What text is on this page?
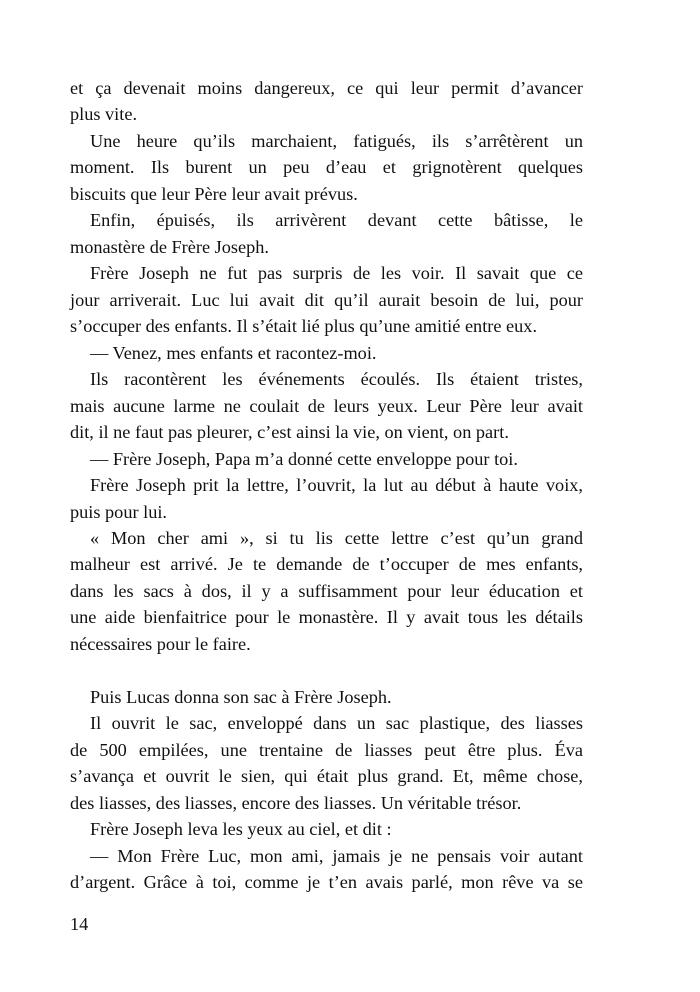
et ça devenait moins dangereux, ce qui leur permit d’avancer
plus vite.
Une heure qu’ils marchaient, fatigués, ils s’arrêtèrent un
moment. Ils burent un peu d’eau et grignotèrent quelques
biscuits que leur Père leur avait prévus.
Enfin, épuisés, ils arrivèrent devant cette bâtisse, le
monastère de Frère Joseph.
Frère Joseph ne fut pas surpris de les voir. Il savait que ce
jour arriverait. Luc lui avait dit qu’il aurait besoin de lui, pour
s’occuper des enfants. Il s’était lié plus qu’une amitié entre eux.
— Venez, mes enfants et racontez-moi.
Ils racontèrent les événements écoulés. Ils étaient tristes,
mais aucune larme ne coulait de leurs yeux. Leur Père leur avait
dit, il ne faut pas pleurer, c’est ainsi la vie, on vient, on part.
— Frère Joseph, Papa m’a donné cette enveloppe pour toi.
Frère Joseph prit la lettre, l’ouvrit, la lut au début à haute voix,
puis pour lui.
« Mon cher ami », si tu lis cette lettre c’est qu’un grand
malheur est arrivé. Je te demande de t’occuper de mes enfants,
dans les sacs à dos, il y a suffisamment pour leur éducation et
une aide bienfaitrice pour le monastère. Il y avait tous les détails
nécessaires pour le faire.
Puis Lucas donna son sac à Frère Joseph.
Il ouvrit le sac, enveloppé dans un sac plastique, des liasses
de 500 empilées, une trentaine de liasses peut être plus. Éva
s’avança et ouvrit le sien, qui était plus grand. Et, même chose,
des liasses, des liasses, encore des liasses. Un véritable trésor.
Frère Joseph leva les yeux au ciel, et dit :
— Mon Frère Luc, mon ami, jamais je ne pensais voir autant
d’argent. Grâce à toi, comme je t’en avais parlé, mon rêve va se
14
